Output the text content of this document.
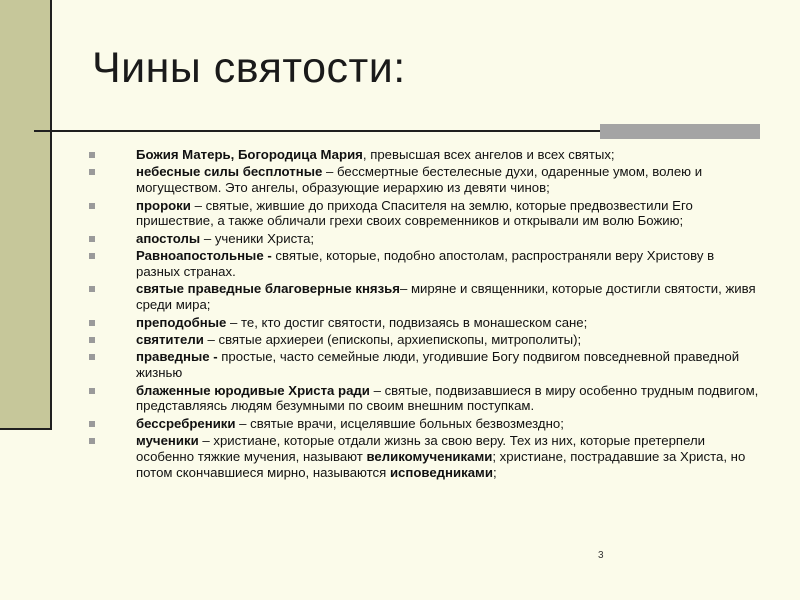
Чины святости:
Божия Матерь, Богородица Мария, превысшая всех ангелов и всех святых;
небесные силы бесплотные – бессмертные бестелесные духи, одаренные умом, волею и могуществом. Это ангелы, образующие иерархию из девяти чинов;
пророки – святые, жившие до прихода Спасителя на землю, которые предвозвестили Его пришествие, а также обличали грехи своих современников и открывали им волю Божию;
апостолы – ученики Христа;
Равноапостольные - святые, которые, подобно апостолам, распространяли веру Христову в разных странах.
святые праведные благоверные князья– миряне и священники, которые достигли святости, живя среди мира;
преподобные – те, кто достиг святости, подвизаясь в монашеском сане;
святители – святые архиереи (епископы, архиепископы, митрополиты);
праведные - простые, часто семейные люди, угодившие Богу подвигом повседневной праведной жизнью
блаженные юродивые Христа ради – святые, подвизавшиеся в миру особенно трудным подвигом, представляясь людям безумными по своим внешним поступкам.
бессребреники – святые врачи, исцелявшие больных безвозмездно;
мученики – христиане, которые отдали жизнь за свою веру. Тех из них, которые претерпели особенно тяжкие мучения, называют великомучениками; христиане, пострадавшие за Христа, но потом скончавшиеся мирно, называются исповедниками;
3
